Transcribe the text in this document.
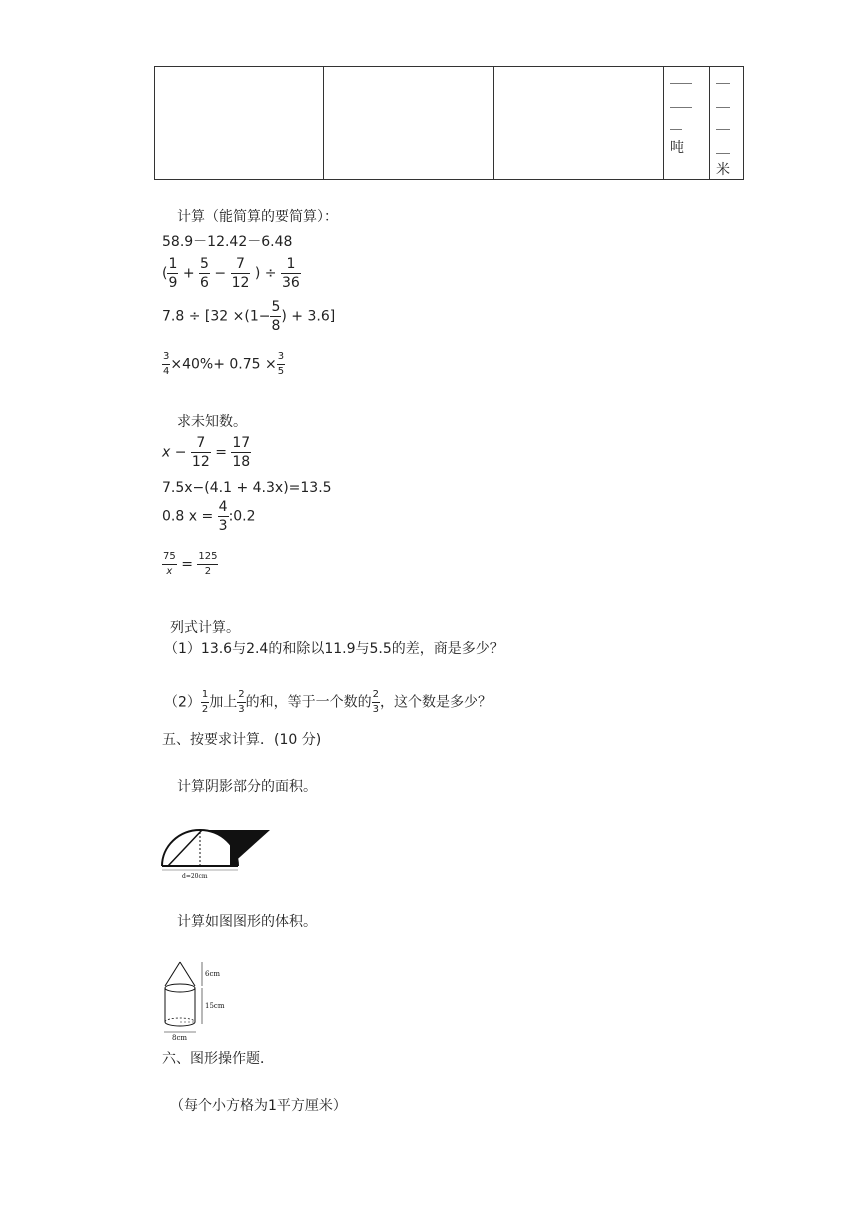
吨
米
计算（能简算的要简算）：
58.9－12.42－6.48
( $\frac{1}{9} + \frac{5}{6} - \frac{7}{12}$ ) ÷ $\frac{1}{36}$
$7.8 \div [32 \times(1- \frac{5}{8}$ ) + 3.6]
$\frac{3}{4} \times 40\%+ 0.75 \times \frac{3}{5}$
求未知数。
$x - \frac{7}{12} = \frac{17}{18}$
7.5x−(4.1 + 4.3x)=13.5
0.8 $x = \frac{4}{3}$ :0.2
$\frac{75}{x} = \frac{125}{2}$
列式计算。
（1）13.6与2.4的和除以11.9与5.5的差，商是多少？
$(2) \frac{1}{2}$ 加上 $\frac{2}{3}$ 的和，等于一个数的 $\frac{2}{3}$ ，这个数是多少？
五、按要求计算．(10 分)
计算阴影部分的面积。
d=20cm
计算如图图形的体积。
6cm
15cm
8cm
六、图形操作题．
（每个小方格为1平方厘米）
